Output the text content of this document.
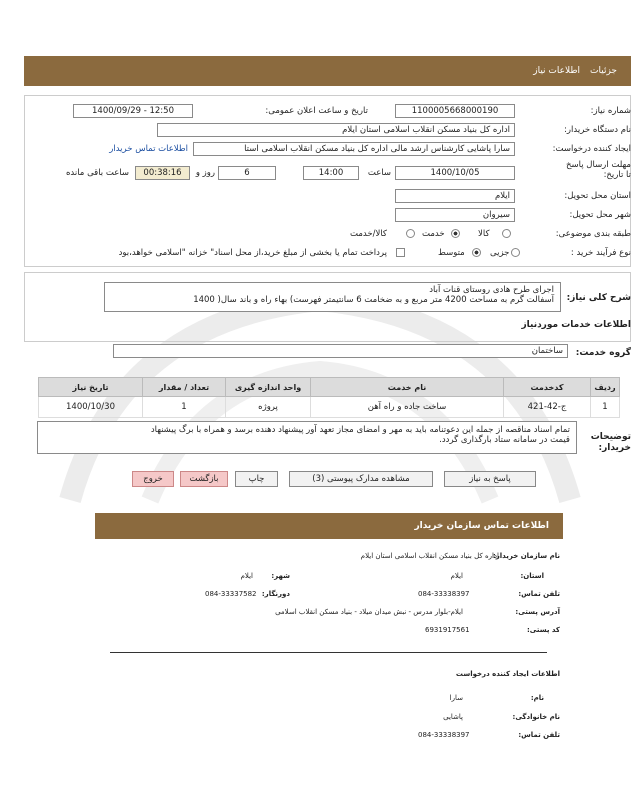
اطلاعات نیاز جزئیات
شماره نیاز:
1100005668000190
تاریخ و ساعت اعلان عمومی:
1400/09/29 - 12:50
نام دستگاه خریدار:
اداره کل بنیاد مسکن انقلاب اسلامی استان ایلام
ایجاد کننده درخواست:
سارا پاشایی کارشناس ارشد مالی اداره کل بنیاد مسکن انقلاب اسلامی استا
اطلاعات تماس خریدار
مهلت ارسال پاسخ تا تاریخ:
1400/10/05
ساعت
14:00
6
روز و
00:38:16
ساعت باقی مانده
استان محل تحویل:
ایلام
شهر محل تحویل:
سیروان
طبقه بندی موضوعی:
کالا
خدمت
کالا/خدمت
نوع فرآیند خرید :
جزیی
متوسط
پرداخت تمام یا بخشی از مبلغ خرید،از محل اسناد" خزانه "اسلامی خواهد،بود
شرح کلی نیاز:
اجرای طرح هادی روستای قنات آباد
آسفالت گرم به مساحت 4200 متر مربع و به ضخامت 6 سانتیمتر فهرست) بهاء راه و باند سال( 1400
اطلاعات خدمات موردنیاز
گروه خدمت:
ساختمان
ردیف	کدخدمت	نام خدمت	واحد اندازه گیری	تعداد / مقدار	تاریخ نیاز
1	ج-42-421	ساخت جاده و راه آهن	پروژه	1	1400/10/30
توضیحات خریدار:
تمام اسناد مناقصه از جمله این دعوتنامه باید به مهر و امضای مجاز تعهد آور پیشنهاد دهنده برسد و همراه با برگ پیشنهاد
قیمت در سامانه ستاد بارگذاری گردد.
پاسخ به نیاز
مشاهده مدارک پیوستی (3)
چاپ
بازگشت
خروج
اطلاعات تماس سازمان خریدار
نام سازمان خریدار:
اداره کل بنیاد مسکن انقلاب اسلامی استان ایلام
استان:
ایلام
شهر:
ایلام
تلفن تماس:
084-33338397
دورنگار:
084-33337582
آدرس پستی:
ایلام-بلوار مدرس - نبش میدان میلاد - بنیاد مسکن انقلاب اسلامی
کد پستی:
6931917561
اطلاعات ایجاد کننده درخواست
نام:
سارا
نام خانوادگی:
پاشایی
تلفن تماس:
084-33338397
